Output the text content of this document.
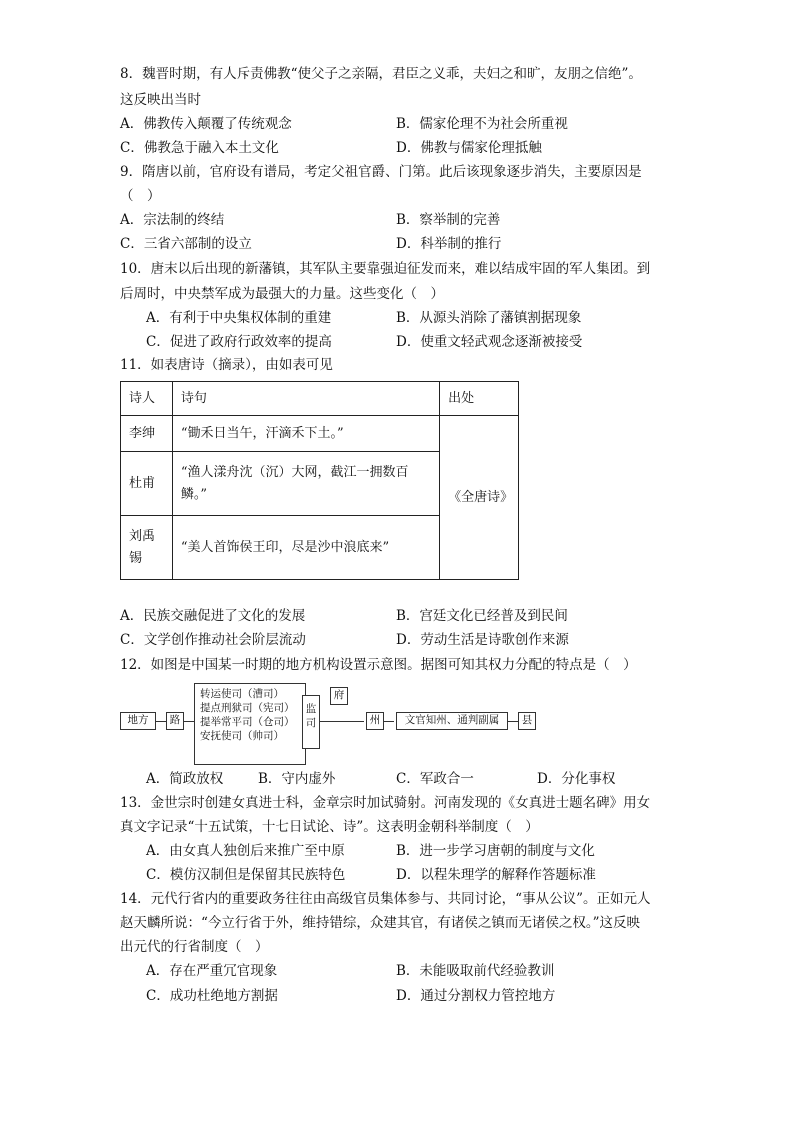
8．魏晋时期，有人斥责佛教“使父子之亲隔，君臣之义乖，夫妇之和旷，友朋之信绝”。
这反映出当时
A．佛教传入颠覆了传统观念	B．儒家伦理不为社会所重视
C．佛教急于融入本土文化	D．佛教与儒家伦理抵触
9．隋唐以前，官府设有谱局，考定父祖官爵、门第。此后该现象逐步消失，主要原因是
（　）
A．宗法制的终结	B．察举制的完善
C．三省六部制的设立	D．科举制的推行
10．唐末以后出现的新藩镇，其军队主要靠强迫征发而来，难以结成牢固的军人集团。到
后周时，中央禁军成为最强大的力量。这些变化（　）
A．有利于中央集权体制的重建	B．从源头消除了藩镇割据现象
C．促进了政府行政效率的提高	D．使重文轻武观念逐渐被接受
11．如表唐诗（摘录），由如表可见
诗人	诗句	出处
李绅	“锄禾日当午，汗滴禾下土。”	《全唐诗》
杜甫	“渔人漾舟沈（沉）大网，截江一拥数百鳞。”	
刘禹锡	“美人首饰侯王印，尽是沙中浪底来”	
A．民族交融促进了文化的发展	B．宫廷文化已经普及到民间
C．文学创作推动社会阶层流动	D．劳动生活是诗歌创作来源
12．如图是中国某一时期的地方机构设置示意图。据图可知其权力分配的特点是（　）
地方	路
转运使司（漕司）
提点刑狱司（宪司）
提举常平司（仓司）
安抚使司（帅司）
监司
府
州	文官知州、通判副属	县
A．简政放权	B．守内虚外	C．军政合一	D．分化事权
13．金世宗时创建女真进士科，金章宗时加试骑射。河南发现的《女真进士题名碑》用女
真文字记录“十五试策，十七日试论、诗”。这表明金朝科举制度（　）
A．由女真人独创后来推广至中原	B．进一步学习唐朝的制度与文化
C．模仿汉制但是保留其民族特色	D．以程朱理学的解释作答题标准
14．元代行省内的重要政务往往由高级官员集体参与、共同讨论，“事从公议”。正如元人
赵天麟所说：“今立行省于外，维持错综，众建其官，有诸侯之镇而无诸侯之权。”这反映
出元代的行省制度（　）
A．存在严重冗官现象	B．未能吸取前代经验教训
C．成功杜绝地方割据	D．通过分割权力管控地方
